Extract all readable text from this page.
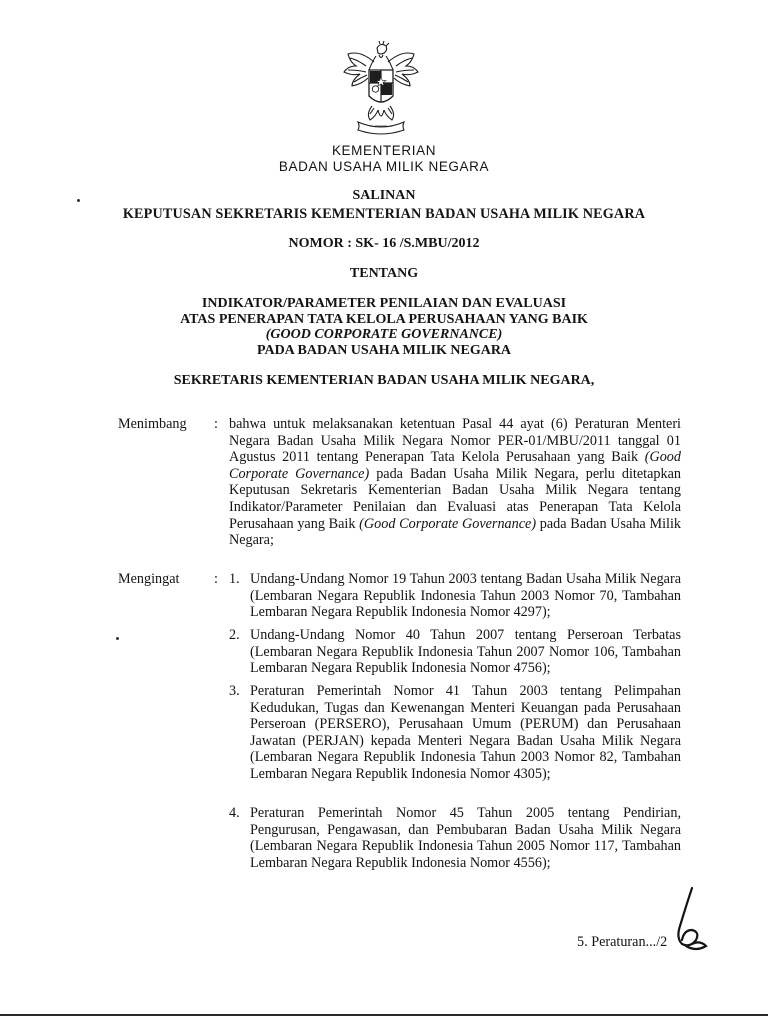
KEMENTERIAN
BADAN USAHA MILIK NEGARA
SALINAN
KEPUTUSAN SEKRETARIS KEMENTERIAN BADAN USAHA MILIK NEGARA
NOMOR : SK- 16 /S.MBU/2012
TENTANG
INDIKATOR/PARAMETER PENILAIAN DAN EVALUASI
ATAS PENERAPAN TATA KELOLA PERUSAHAAN YANG BAIK
(GOOD CORPORATE GOVERNANCE)
PADA BADAN USAHA MILIK NEGARA
SEKRETARIS KEMENTERIAN BADAN USAHA MILIK NEGARA,
Menimbang : bahwa untuk melaksanakan ketentuan Pasal 44 ayat (6) Peraturan Menteri Negara Badan Usaha Milik Negara Nomor PER-01/MBU/2011 tanggal 01 Agustus 2011 tentang Penerapan Tata Kelola Perusahaan yang Baik (Good Corporate Governance) pada Badan Usaha Milik Negara, perlu ditetapkan Keputusan Sekretaris Kementerian Badan Usaha Milik Negara tentang Indikator/Parameter Penilaian dan Evaluasi atas Penerapan Tata Kelola Perusahaan yang Baik (Good Corporate Governance) pada Badan Usaha Milik Negara;
Mengingat : 1. Undang-Undang Nomor 19 Tahun 2003 tentang Badan Usaha Milik Negara (Lembaran Negara Republik Indonesia Tahun 2003 Nomor 70, Tambahan Lembaran Negara Republik Indonesia Nomor 4297);
2. Undang-Undang Nomor 40 Tahun 2007 tentang Perseroan Terbatas (Lembaran Negara Republik Indonesia Tahun 2007 Nomor 106, Tambahan Lembaran Negara Republik Indonesia Nomor 4756);
3. Peraturan Pemerintah Nomor 41 Tahun 2003 tentang Pelimpahan Kedudukan, Tugas dan Kewenangan Menteri Keuangan pada Perusahaan Perseroan (PERSERO), Perusahaan Umum (PERUM) dan Perusahaan Jawatan (PERJAN) kepada Menteri Negara Badan Usaha Milik Negara (Lembaran Negara Republik Indonesia Tahun 2003 Nomor 82, Tambahan Lembaran Negara Republik Indonesia Nomor 4305);
4. Peraturan Pemerintah Nomor 45 Tahun 2005 tentang Pendirian, Pengurusan, Pengawasan, dan Pembubaran Badan Usaha Milik Negara (Lembaran Negara Republik Indonesia Tahun 2005 Nomor 117, Tambahan Lembaran Negara Republik Indonesia Nomor 4556);
5. Peraturan.../2
